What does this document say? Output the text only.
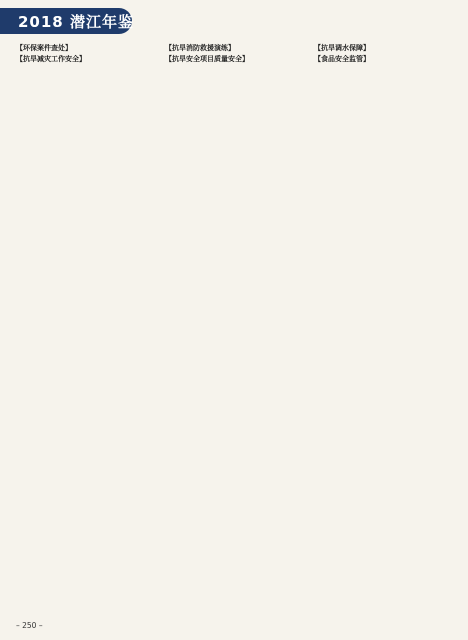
2018 潜江年鉴

【环保案件查处】

【抗旱减灾工作安全】

【抗旱消防救援演练】

【抗旱安全项目质量安全】

【抗旱调水保障】

【食品安全监管】

– 250 –
